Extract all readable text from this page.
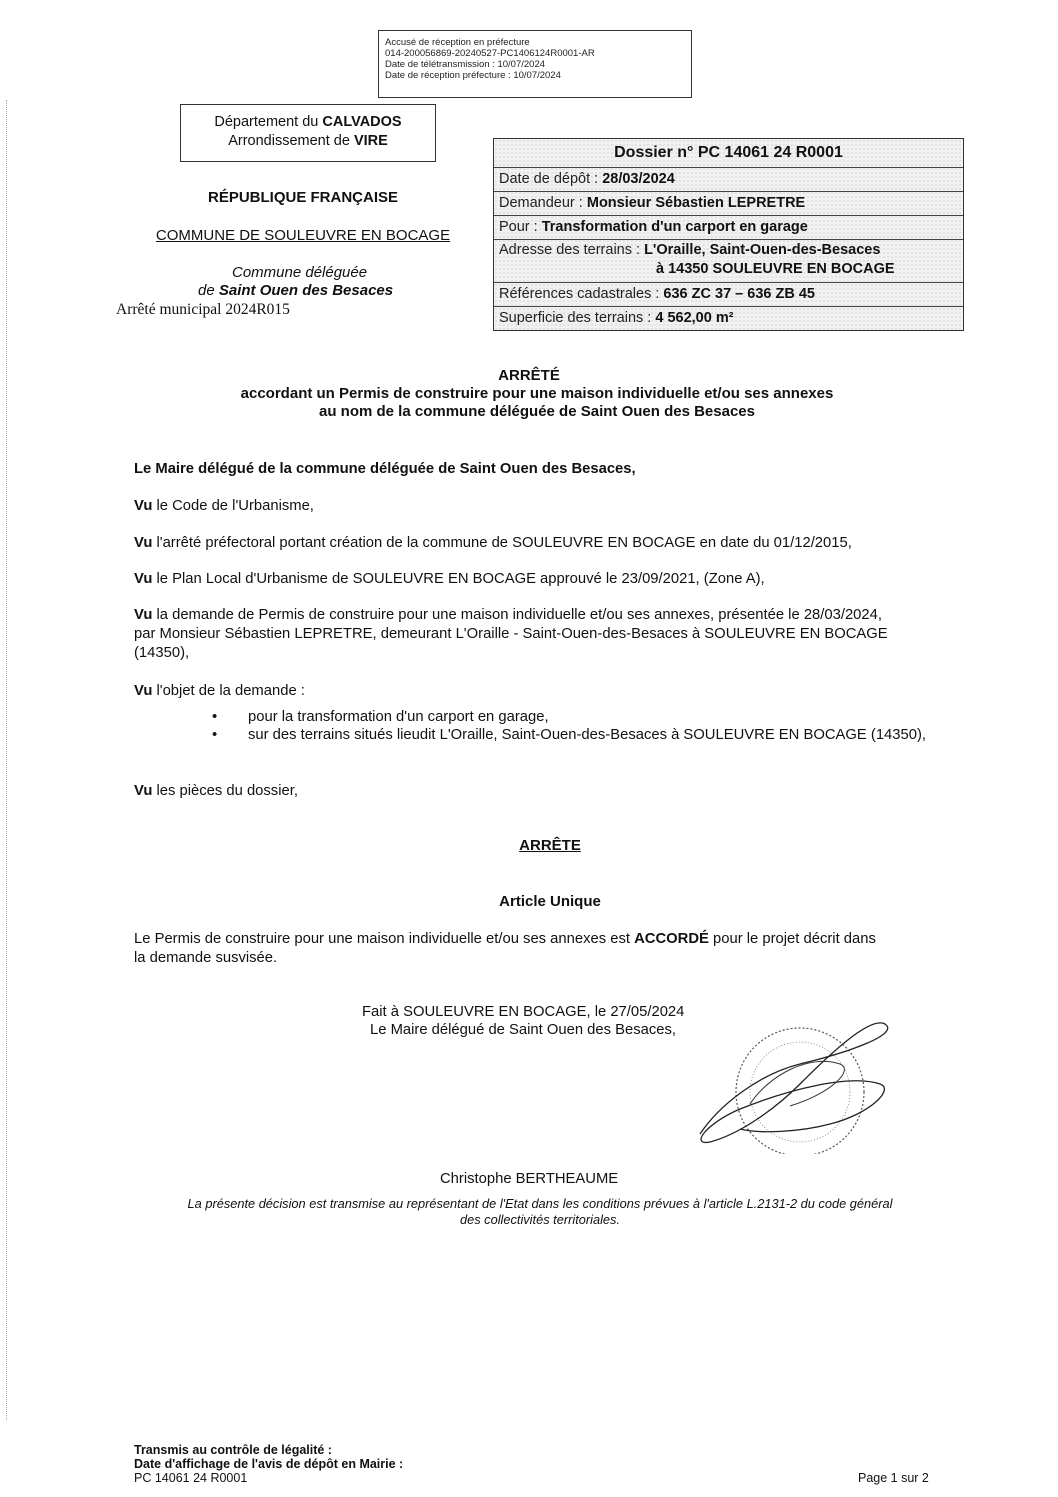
Accusé de réception en préfecture
014-200056869-20240527-PC1406124R0001-AR
Date de télétransmission : 10/07/2024
Date de réception préfecture : 10/07/2024
Département du CALVADOS
Arrondissement de VIRE
Dossier n° PC 14061 24 R0001
Date de dépôt : 28/03/2024
Demandeur : Monsieur Sébastien LEPRETRE
Pour : Transformation d'un carport en garage
Adresse des terrains : L'Oraille, Saint-Ouen-des-Besaces
à 14350 SOULEUVRE EN BOCAGE
Références cadastrales : 636 ZC 37 – 636 ZB 45
Superficie des terrains : 4 562,00 m²
RÉPUBLIQUE FRANÇAISE
COMMUNE DE SOULEUVRE EN BOCAGE
Commune déléguée
de Saint Ouen des Besaces
Arrêté municipal 2024R015
ARRÊTÉ
accordant un Permis de construire pour une maison individuelle et/ou ses annexes
au nom de la commune déléguée de Saint Ouen des Besaces
Le Maire délégué de la commune déléguée de Saint Ouen des Besaces,
Vu le Code de l'Urbanisme,
Vu l'arrêté préfectoral portant création de la commune de SOULEUVRE EN BOCAGE en date du 01/12/2015,
Vu le Plan Local d'Urbanisme de SOULEUVRE EN BOCAGE approuvé le 23/09/2021, (Zone A),
Vu la demande de Permis de construire pour une maison individuelle et/ou ses annexes, présentée le 28/03/2024,
par Monsieur Sébastien LEPRETRE, demeurant L'Oraille - Saint-Ouen-des-Besaces à SOULEUVRE EN BOCAGE
(14350),
Vu l'objet de la demande :
• pour la transformation d'un carport en garage,
• sur des terrains situés lieudit L'Oraille, Saint-Ouen-des-Besaces à SOULEUVRE EN BOCAGE (14350),
Vu les pièces du dossier,
ARRÊTE
Article Unique
Le Permis de construire pour une maison individuelle et/ou ses annexes est ACCORDÉ pour le projet décrit dans
la demande susvisée.
Fait à SOULEUVRE EN BOCAGE, le 27/05/2024
Le Maire délégué de Saint Ouen des Besaces,
Christophe BERTHEAUME
La présente décision est transmise au représentant de l'Etat dans les conditions prévues à l'article L.2131-2 du code général
des collectivités territoriales.
Transmis au contrôle de légalité :
Date d'affichage de l'avis de dépôt en Mairie :
PC 14061 24 R0001	Page 1 sur 2
